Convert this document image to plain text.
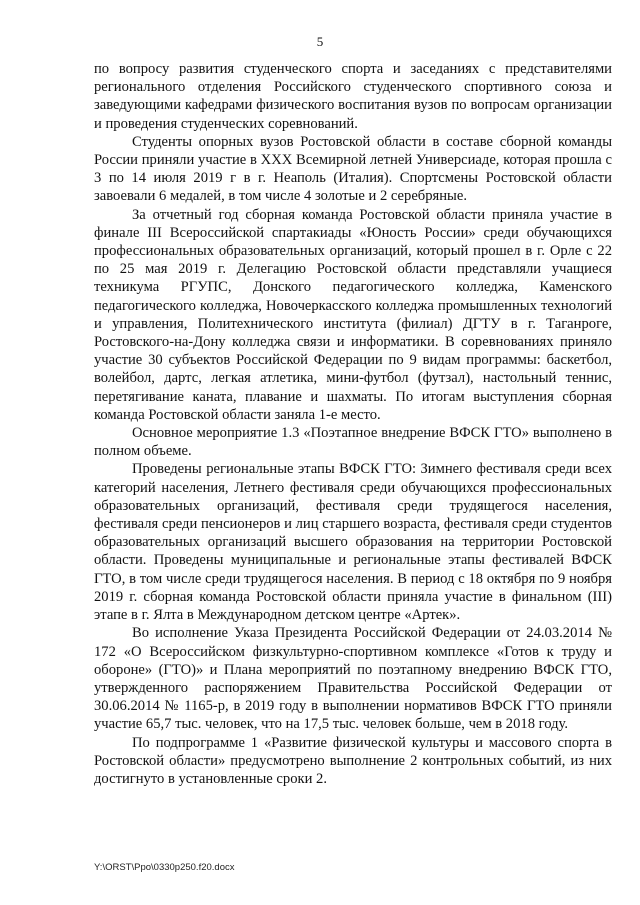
5

по вопросу развития студенческого спорта и заседаниях с представителями регионального отделения Российского студенческого спортивного союза и заведующими кафедрами физического воспитания вузов по вопросам организации и проведения студенческих соревнований.

Студенты опорных вузов Ростовской области в составе сборной команды России приняли участие в XXX Всемирной летней Универсиаде, которая прошла с 3 по 14 июля 2019 г в г. Неаполь (Италия). Спортсмены Ростовской области завоевали 6 медалей, в том числе 4 золотые и 2 серебряные.

За отчетный год сборная команда Ростовской области приняла участие в финале III Всероссийской спартакиады «Юность России» среди обучающихся профессиональных образовательных организаций, который прошел в г. Орле с 22 по 25 мая 2019 г. Делегацию Ростовской области представляли учащиеся техникума РГУПС, Донского педагогического колледжа, Каменского педагогического колледжа, Новочеркасского колледжа промышленных технологий и управления, Политехнического института (филиал) ДГТУ в г. Таганроге, Ростовского-на-Дону колледжа связи и информатики. В соревнованиях приняло участие 30 субъектов Российской Федерации по 9 видам программы: баскетбол, волейбол, дартс, легкая атлетика, мини-футбол (футзал), настольный теннис, перетягивание каната, плавание и шахматы. По итогам выступления сборная команда Ростовской области заняла 1-е место.

Основное мероприятие 1.3 «Поэтапное внедрение ВФСК ГТО» выполнено в полном объеме.

Проведены региональные этапы ВФСК ГТО: Зимнего фестиваля среди всех категорий населения, Летнего фестиваля среди обучающихся профессиональных образовательных организаций, фестиваля среди трудящегося населения, фестиваля среди пенсионеров и лиц старшего возраста, фестиваля среди студентов образовательных организаций высшего образования на территории Ростовской области. Проведены муниципальные и региональные этапы фестивалей ВФСК ГТО, в том числе среди трудящегося населения. В период с 18 октября по 9 ноября 2019 г. сборная команда Ростовской области приняла участие в финальном (III) этапе в г. Ялта в Международном детском центре «Артек».

Во исполнение Указа Президента Российской Федерации от 24.03.2014 № 172 «О Всероссийском физкультурно-спортивном комплексе «Готов к труду и обороне» (ГТО)» и Плана мероприятий по поэтапному внедрению ВФСК ГТО, утвержденного распоряжением Правительства Российской Федерации от 30.06.2014 № 1165-р, в 2019 году в выполнении нормативов ВФСК ГТО приняли участие 65,7 тыс. человек, что на 17,5 тыс. человек больше, чем в 2018 году.

По подпрограмме 1 «Развитие физической культуры и массового спорта в Ростовской области» предусмотрено выполнение 2 контрольных событий, из них достигнуто в установленные сроки 2.

Y:\ORST\Ppo\0330p250.f20.docx
